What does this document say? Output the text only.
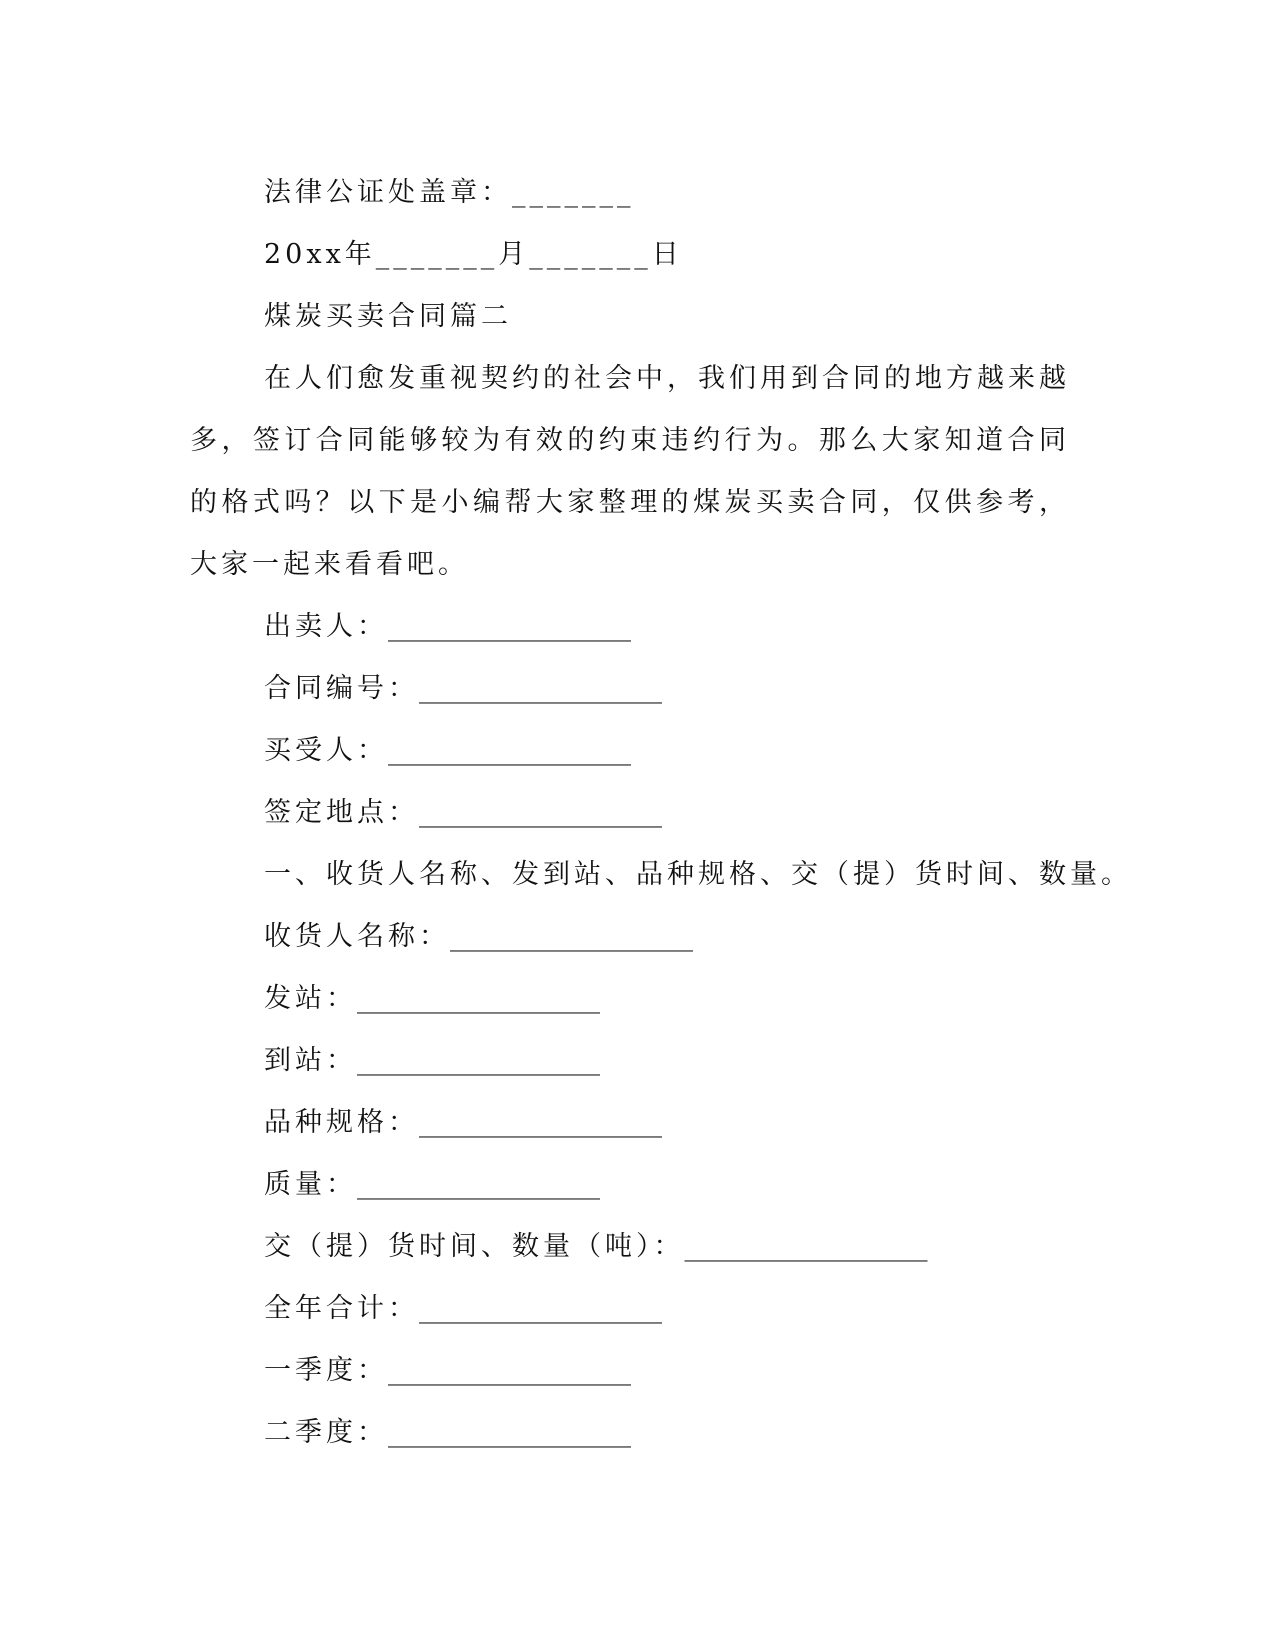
法律公证处盖章：_______
20xx年_______月_______日
煤炭买卖合同篇二
在人们愈发重视契约的社会中，我们用到合同的地方越来越多，签订合同能够较为有效的约束违约行为。那么大家知道合同的格式吗？以下是小编帮大家整理的煤炭买卖合同，仅供参考，大家一起来看看吧。
出卖人：__________________
合同编号：__________________
买受人：__________________
签定地点：__________________
一、收货人名称、发到站、品种规格、交（提）货时间、数量。
收货人名称：__________________
发站：__________________
到站：__________________
品种规格：__________________
质量：__________________
交（提）货时间、数量（吨）：__________________
全年合计：__________________
一季度：__________________
二季度：__________________
